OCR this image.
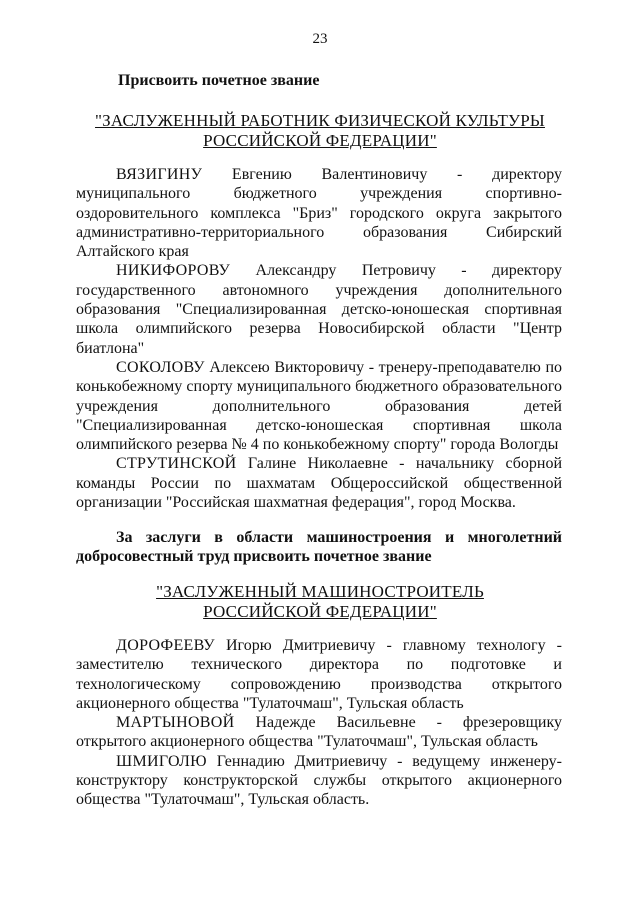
23
Присвоить почетное звание
"ЗАСЛУЖЕННЫЙ РАБОТНИК ФИЗИЧЕСКОЙ КУЛЬТУРЫ
РОССИЙСКОЙ ФЕДЕРАЦИИ"

ВЯЗИГИНУ Евгению Валентиновичу - директору муниципального бюджетного учреждения спортивно-оздоровительного комплекса "Бриз" городского округа закрытого административно-территориального образования Сибирский Алтайского края

НИКИФОРОВУ Александру Петровичу - директору государственного автономного учреждения дополнительного образования "Специализированная детско-юношеская спортивная школа олимпийского резерва Новосибирской области "Центр биатлона"

СОКОЛОВУ Алексею Викторовичу - тренеру-преподавателю по конькобежному спорту муниципального бюджетного образовательного учреждения дополнительного образования детей "Специализированная детско-юношеская спортивная школа олимпийского резерва № 4 по конькобежному спорту" города Вологды

СТРУТИНСКОЙ Галине Николаевне - начальнику сборной команды России по шахматам Общероссийской общественной организации "Российская шахматная федерация", город Москва.

За заслуги в области машиностроения и многолетний добросовестный труд присвоить почетное звание

"ЗАСЛУЖЕННЫЙ МАШИНОСТРОИТЕЛЬ
РОССИЙСКОЙ ФЕДЕРАЦИИ"

ДОРОФЕЕВУ Игорю Дмитриевичу - главному технологу - заместителю технического директора по подготовке и технологическому сопровождению производства открытого акционерного общества "Тулаточмаш", Тульская область

МАРТЫНОВОЙ Надежде Васильевне - фрезеровщику открытого акционерного общества "Тулаточмаш", Тульская область

ШМИГОЛЮ Геннадию Дмитриевичу - ведущему инженеру-конструктору конструкторской службы открытого акционерного общества "Тулаточмаш", Тульская область.
